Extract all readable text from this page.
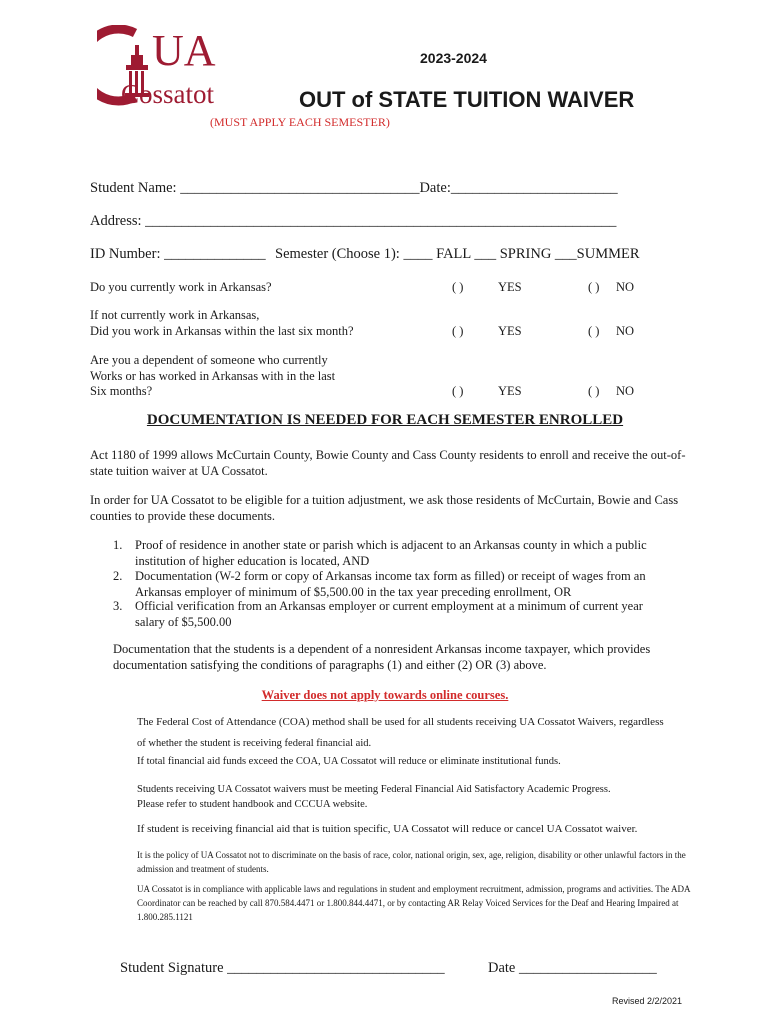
UA
Cossatot
2023-2024
OUT of STATE TUITION WAIVER
(MUST APPLY EACH SEMESTER)
Student Name: _________________________________Date:_______________________
Address: _________________________________________________________________
ID Number: ______________ Semester (Choose 1): ____ FALL ___ SPRING ___SUMMER
Do you currently work in Arkansas?	( )	YES	( ) NO
If not currently work in Arkansas,
Did you work in Arkansas within the last six month?	( )	YES	( ) NO
Are you a dependent of someone who currently
Works or has worked in Arkansas with in the last
Six months?	( )	YES	( ) NO
DOCUMENTATION IS NEEDED FOR EACH SEMESTER ENROLLED
Act 1180 of 1999 allows McCurtain County, Bowie County and Cass County residents to enroll and receive the out-of-state tuition waiver at UA Cossatot.
In order for UA Cossatot to be eligible for a tuition adjustment, we ask those residents of McCurtain, Bowie and Cass counties to provide these documents.
1. Proof of residence in another state or parish which is adjacent to an Arkansas county in which a public institution of higher education is located, AND
2. Documentation (W-2 form or copy of Arkansas income tax form as filled) or receipt of wages from an Arkansas employer of minimum of $5,500.00 in the tax year preceding enrollment, OR
3. Official verification from an Arkansas employer or current employment at a minimum of current year salary of $5,500.00
Documentation that the students is a dependent of a nonresident Arkansas income taxpayer, which provides documentation satisfying the conditions of paragraphs (1) and either (2) OR (3) above.
Waiver does not apply towards online courses.
The Federal Cost of Attendance (COA) method shall be used for all students receiving UA Cossatot Waivers, regardless
of whether the student is receiving federal financial aid.
If total financial aid funds exceed the COA, UA Cossatot will reduce or eliminate institutional funds.
Students receiving UA Cossatot waivers must be meeting Federal Financial Aid Satisfactory Academic Progress.
Please refer to student handbook and CCCUA website.
If student is receiving financial aid that is tuition specific, UA Cossatot will reduce or cancel UA Cossatot waiver.
It is the policy of UA Cossatot not to discriminate on the basis of race, color, national origin, sex, age, religion, disability or other unlawful factors in the admission and treatment of students.
UA Cossatot is in compliance with applicable laws and regulations in student and employment recruitment, admission, programs and activities. The ADA Coordinator can be reached by call 870.584.4471 or 1.800.844.4471, or by contacting AR Relay Voiced Services for the Deaf and Hearing Impaired at 1.800.285.1121
Student Signature ______________________________	Date ___________________
Revised 2/2/2021
